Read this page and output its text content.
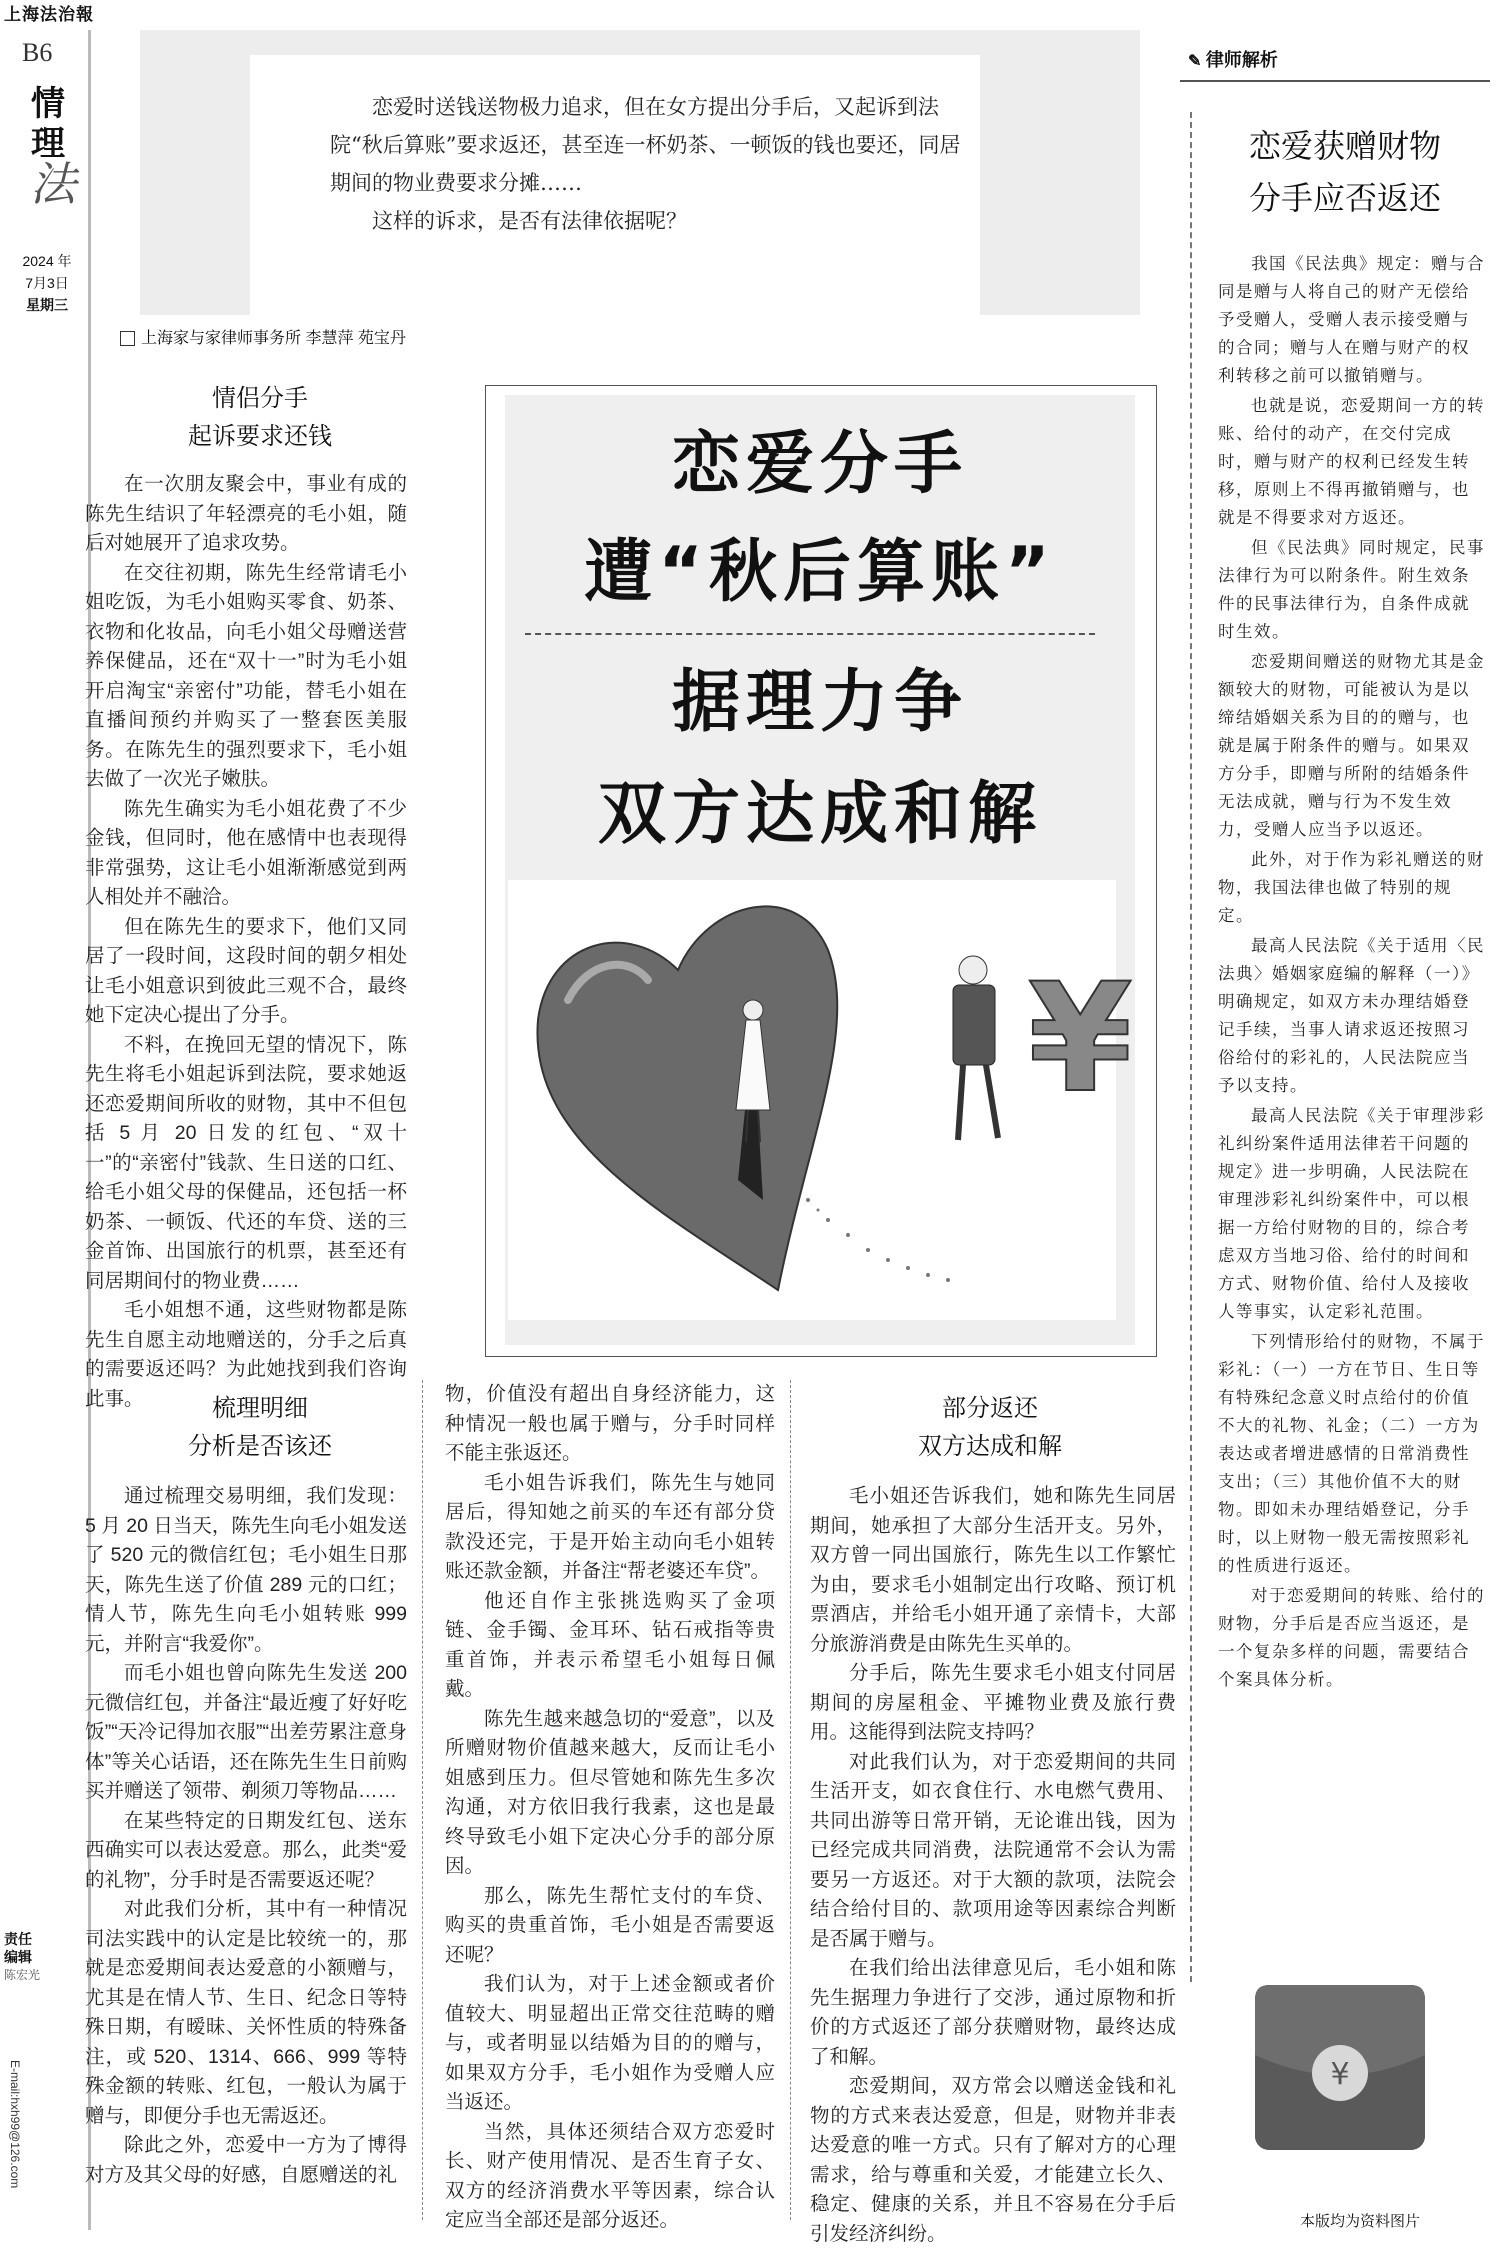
上海法治報
B6
情
理
法
2024 年
7月3日
星期三
责任编辑
陈宏光
E-mail:hxh99@126.com

恋爱时送钱送物极力追求，但在女方提出分手后，又起诉到法院“秋后算账”要求返还，甚至连一杯奶茶、一顿饭的钱也要还，同居期间的物业费要求分摊……

这样的诉求，是否有法律依据呢？

上海家与家律师事务所 李慧萍 苑宝丹
✎ 律师解析
恋爱获赠财物
分手应否返还

我国《民法典》规定：赠与合同是赠与人将自己的财产无偿给予受赠人，受赠人表示接受赠与的合同；赠与人在赠与财产的权利转移之前可以撤销赠与。

也就是说，恋爱期间一方的转账、给付的动产，在交付完成时，赠与财产的权利已经发生转移，原则上不得再撤销赠与，也就是不得要求对方返还。

但《民法典》同时规定，民事法律行为可以附条件。附生效条件的民事法律行为，自条件成就时生效。

恋爱期间赠送的财物尤其是金额较大的财物，可能被认为是以缔结婚姻关系为目的的赠与，也就是属于附条件的赠与。如果双方分手，即赠与所附的结婚条件无法成就，赠与行为不发生效力，受赠人应当予以返还。

此外，对于作为彩礼赠送的财物，我国法律也做了特别的规定。

最高人民法院《关于适用〈民法典〉婚姻家庭编的解释（一）》明确规定，如双方未办理结婚登记手续，当事人请求返还按照习俗给付的彩礼的，人民法院应当予以支持。

最高人民法院《关于审理涉彩礼纠纷案件适用法律若干问题的规定》进一步明确，人民法院在审理涉彩礼纠纷案件中，可以根据一方给付财物的目的，综合考虑双方当地习俗、给付的时间和方式、财物价值、给付人及接收人等事实，认定彩礼范围。

下列情形给付的财物，不属于彩礼：（一）一方在节日、生日等有特殊纪念意义时点给付的价值不大的礼物、礼金；（二）一方为表达或者增进感情的日常消费性支出；（三）其他价值不大的财物。即如未办理结婚登记，分手时，以上财物一般无需按照彩礼的性质进行返还。

对于恋爱期间的转账、给付的财物，分手后是否应当返还，是一个复杂多样的问题，需要结合个案具体分析。

¥
本版均为资料图片
恋爱分手
遭“秋后算账”
据理力争
双方达成和解
¥
情侣分手
起诉要求还钱

在一次朋友聚会中，事业有成的陈先生结识了年轻漂亮的毛小姐，随后对她展开了追求攻势。

在交往初期，陈先生经常请毛小姐吃饭，为毛小姐购买零食、奶茶、衣物和化妆品，向毛小姐父母赠送营养保健品，还在“双十一”时为毛小姐开启淘宝“亲密付”功能，替毛小姐在直播间预约并购买了一整套医美服务。在陈先生的强烈要求下，毛小姐去做了一次光子嫩肤。

陈先生确实为毛小姐花费了不少金钱，但同时，他在感情中也表现得非常强势，这让毛小姐渐渐感觉到两人相处并不融洽。

但在陈先生的要求下，他们又同居了一段时间，这段时间的朝夕相处让毛小姐意识到彼此三观不合，最终她下定决心提出了分手。

不料，在挽回无望的情况下，陈先生将毛小姐起诉到法院，要求她返还恋爱期间所收的财物，其中不但包括 5 月 20 日发的红包、“双十一”的“亲密付”钱款、生日送的口红、给毛小姐父母的保健品，还包括一杯奶茶、一顿饭、代还的车贷、送的三金首饰、出国旅行的机票，甚至还有同居期间付的物业费……

毛小姐想不通，这些财物都是陈先生自愿主动地赠送的，分手之后真的需要返还吗？为此她找到我们咨询此事。	梳理明细
分析是否该还

通过梳理交易明细，我们发现：5 月 20 日当天，陈先生向毛小姐发送了 520 元的微信红包；毛小姐生日那天，陈先生送了价值 289 元的口红；情人节，陈先生向毛小姐转账 999 元，并附言“我爱你”。

而毛小姐也曾向陈先生发送 200 元微信红包，并备注“最近瘦了好好吃饭”“天冷记得加衣服”“出差劳累注意身体”等关心话语，还在陈先生生日前购买并赠送了领带、剃须刀等物品……

在某些特定的日期发红包、送东西确实可以表达爱意。那么，此类“爱的礼物”，分手时是否需要返还呢？

对此我们分析，其中有一种情况司法实践中的认定是比较统一的，那就是恋爱期间表达爱意的小额赠与，尤其是在情人节、生日、纪念日等特殊日期，有暧昧、关怀性质的特殊备注，或 520、1314、666、999 等特殊金额的转账、红包，一般认为属于赠与，即便分手也无需返还。

除此之外，恋爱中一方为了博得对方及其父母的好感，自愿赠送的礼

物，价值没有超出自身经济能力，这种情况一般也属于赠与，分手时同样不能主张返还。

毛小姐告诉我们，陈先生与她同居后，得知她之前买的车还有部分贷款没还完，于是开始主动向毛小姐转账还款金额，并备注“帮老婆还车贷”。

他还自作主张挑选购买了金项链、金手镯、金耳环、钻石戒指等贵重首饰，并表示希望毛小姐每日佩戴。

陈先生越来越急切的“爱意”，以及所赠财物价值越来越大，反而让毛小姐感到压力。但尽管她和陈先生多次沟通，对方依旧我行我素，这也是最终导致毛小姐下定决心分手的部分原因。

那么，陈先生帮忙支付的车贷、购买的贵重首饰，毛小姐是否需要返还呢？

我们认为，对于上述金额或者价值较大、明显超出正常交往范畴的赠与，或者明显以结婚为目的的赠与，如果双方分手，毛小姐作为受赠人应当返还。

当然，具体还须结合双方恋爱时长、财产使用情况、是否生育子女、双方的经济消费水平等因素，综合认定应当全部还是部分返还。

部分返还
双方达成和解

毛小姐还告诉我们，她和陈先生同居期间，她承担了大部分生活开支。另外，双方曾一同出国旅行，陈先生以工作繁忙为由，要求毛小姐制定出行攻略、预订机票酒店，并给毛小姐开通了亲情卡，大部分旅游消费是由陈先生买单的。

分手后，陈先生要求毛小姐支付同居期间的房屋租金、平摊物业费及旅行费用。这能得到法院支持吗？

对此我们认为，对于恋爱期间的共同生活开支，如衣食住行、水电燃气费用、共同出游等日常开销，无论谁出钱，因为已经完成共同消费，法院通常不会认为需要另一方返还。对于大额的款项，法院会结合给付目的、款项用途等因素综合判断是否属于赠与。

在我们给出法律意见后，毛小姐和陈先生据理力争进行了交涉，通过原物和折价的方式返还了部分获赠财物，最终达成了和解。

恋爱期间，双方常会以赠送金钱和礼物的方式来表达爱意，但是，财物并非表达爱意的唯一方式。只有了解对方的心理需求，给与尊重和关爱，才能建立长久、稳定、健康的关系，并且不容易在分手后引发经济纠纷。
